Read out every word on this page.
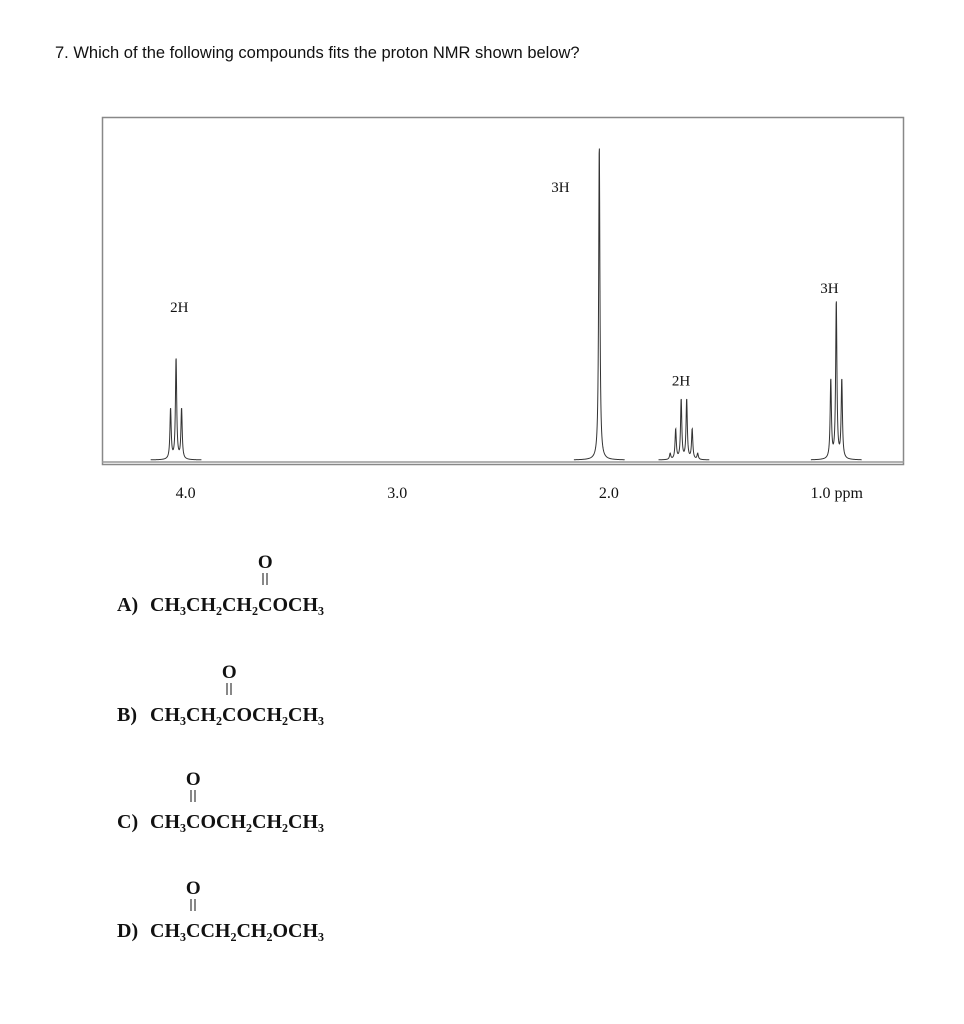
7. Which of the following compounds fits the proton NMR shown below?
4.0	3.0	2.0	1.0 ppm
2H
3H
2H
3H
A) CH₃CH₂CH₂
O
COCH₃
B) CH₃CH₂
O
COCH₂CH₃
C) CH₃
O
COCH₂CH₂CH₃
D) CH₃
O
CCH₂CH₂OCH₃
